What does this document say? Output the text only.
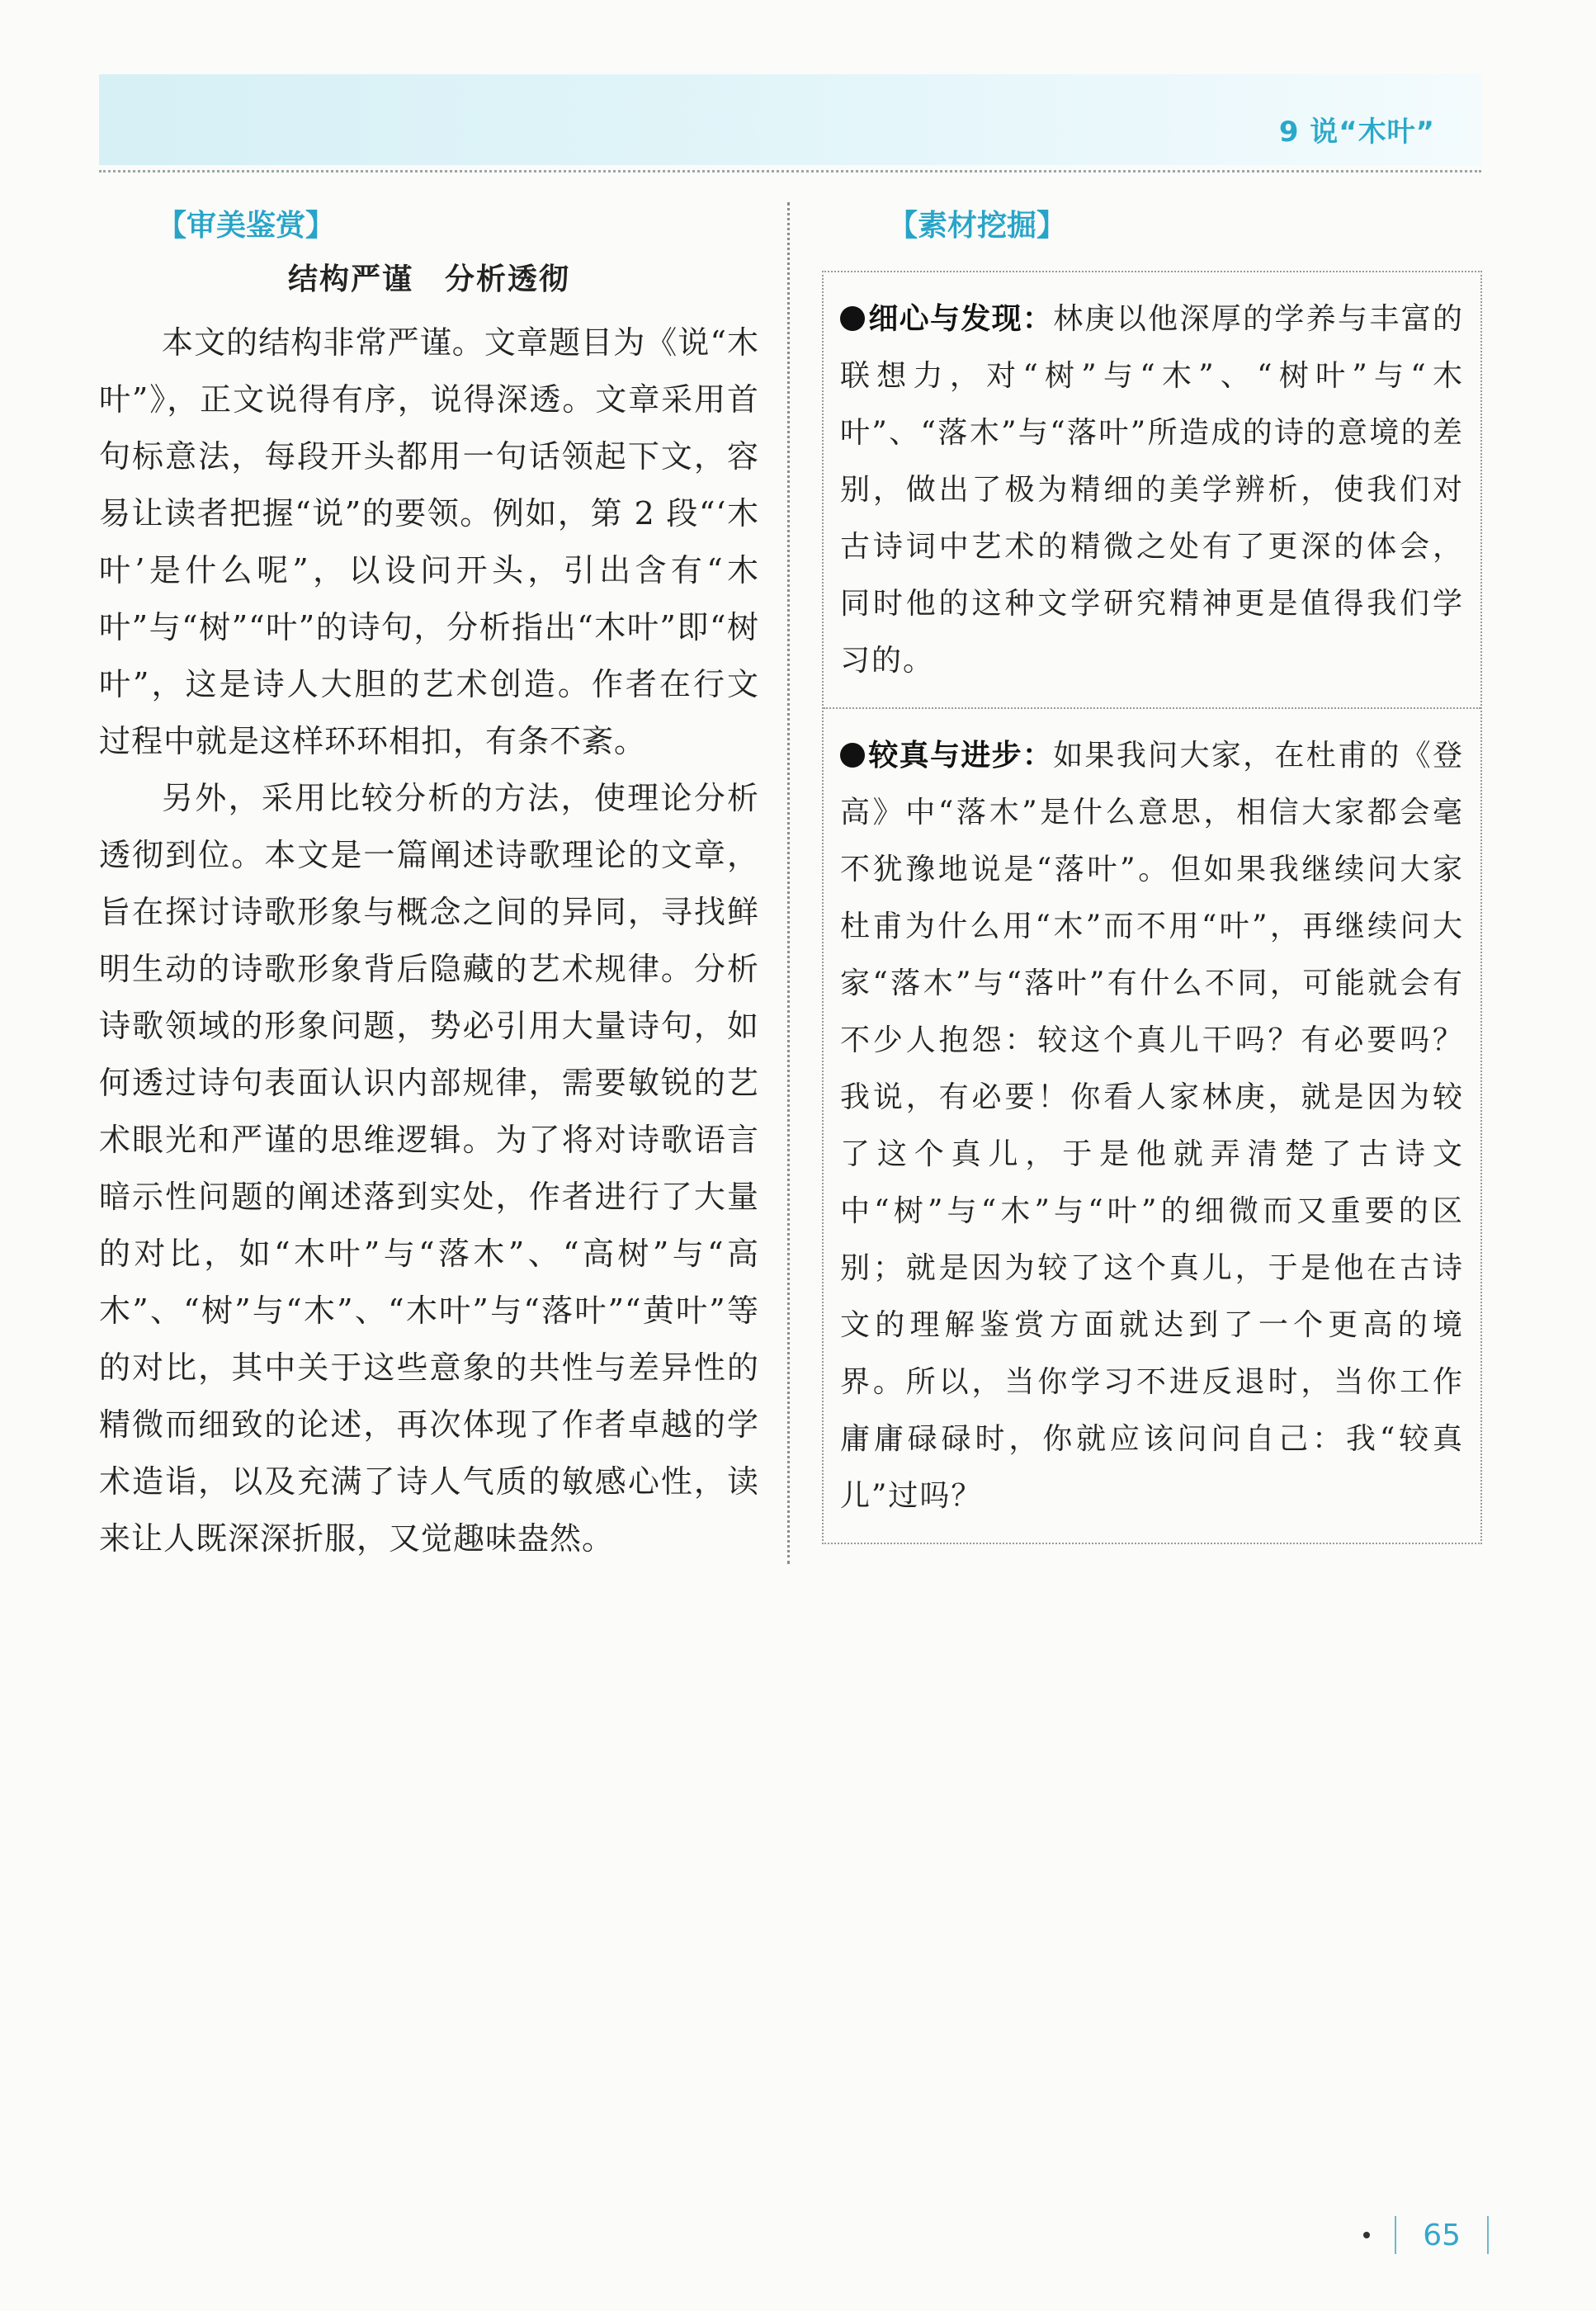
9 说“木叶”
【审美鉴赏】
结构严谨　分析透彻

本文的结构非常严谨。文章题目为《说“木叶”》，正文说得有序，说得深透。文章采用首句标意法，每段开头都用一句话领起下文，容易让读者把握“说”的要领。例如，第 2 段“‘木叶’是什么呢”，以设问开头，引出含有“木叶”与“树”“叶”的诗句，分析指出“木叶”即“树叶”，这是诗人大胆的艺术创造。作者在行文过程中就是这样环环相扣，有条不紊。

另外，采用比较分析的方法，使理论分析透彻到位。本文是一篇阐述诗歌理论的文章，旨在探讨诗歌形象与概念之间的异同，寻找鲜明生动的诗歌形象背后隐藏的艺术规律。分析诗歌领域的形象问题，势必引用大量诗句，如何透过诗句表面认识内部规律，需要敏锐的艺术眼光和严谨的思维逻辑。为了将对诗歌语言暗示性问题的阐述落到实处，作者进行了大量的对比，如“木叶”与“落木”、“高树”与“高木”、“树”与“木”、“木叶”与“落叶”“黄叶”等的对比，其中关于这些意象的共性与差异性的精微而细致的论述，再次体现了作者卓越的学术造诣，以及充满了诗人气质的敏感心性，读来让人既深深折服，又觉趣味盎然。

【素材挖掘】

细心与发现：林庚以他深厚的学养与丰富的联想力，对“树”与“木”、“树叶”与“木叶”、“落木”与“落叶”所造成的诗的意境的差别，做出了极为精细的美学辨析，使我们对古诗词中艺术的精微之处有了更深的体会，同时他的这种文学研究精神更是值得我们学习的。

较真与进步：如果我问大家，在杜甫的《登高》中“落木”是什么意思，相信大家都会毫不犹豫地说是“落叶”。但如果我继续问大家杜甫为什么用“木”而不用“叶”，再继续问大家“落木”与“落叶”有什么不同，可能就会有不少人抱怨：较这个真儿干吗？有必要吗？我说，有必要！你看人家林庚，就是因为较了这个真儿，于是他就弄清楚了古诗文中“树”与“木”与“叶”的细微而又重要的区别；就是因为较了这个真儿，于是他在古诗文的理解鉴赏方面就达到了一个更高的境界。所以，当你学习不进反退时，当你工作庸庸碌碌时，你就应该问问自己：我“较真儿”过吗？

65
